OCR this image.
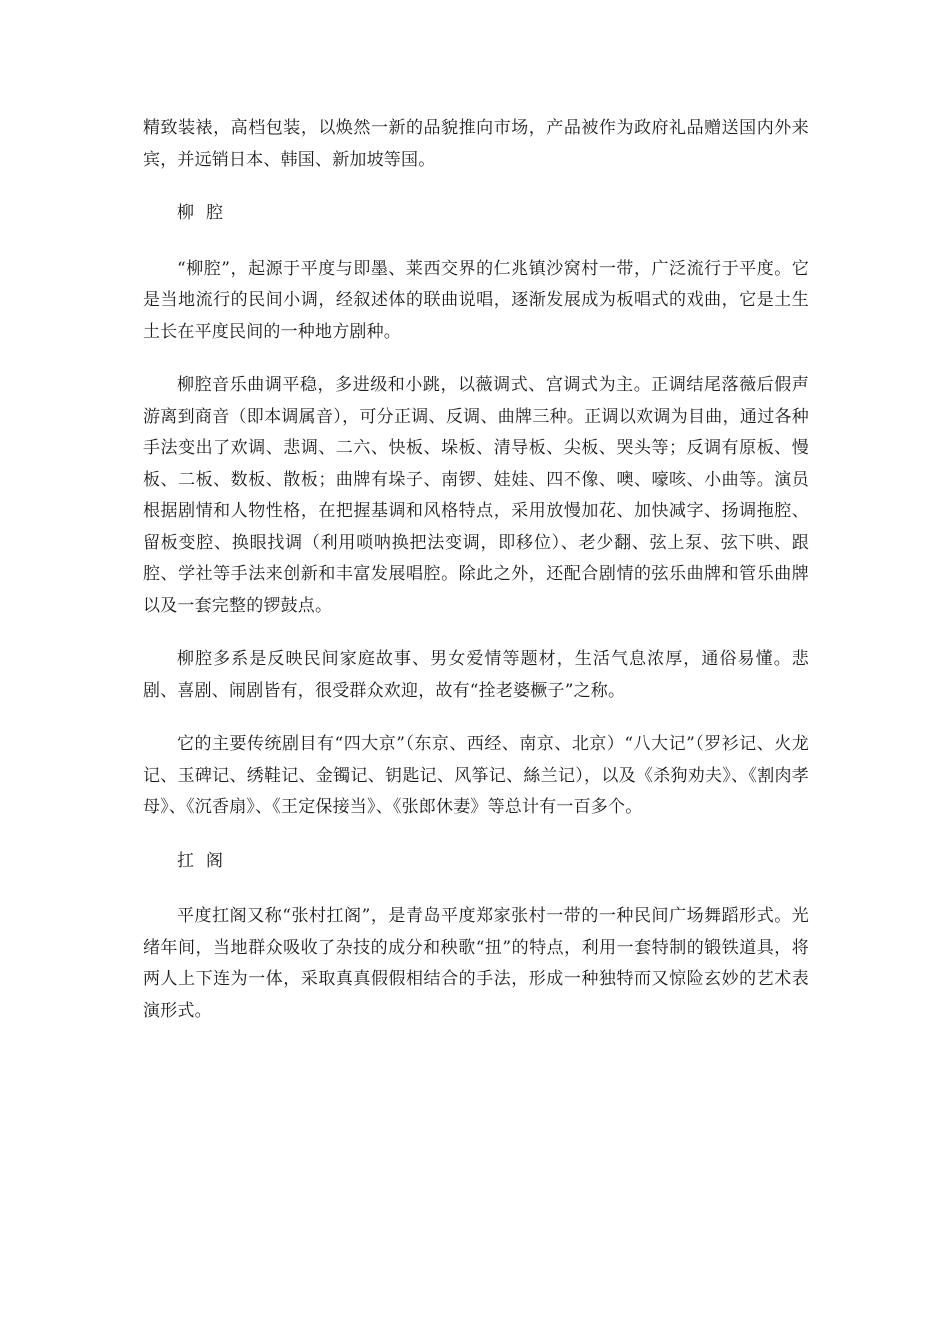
精致装裱，高档包装，以焕然一新的品貌推向市场，产品被作为政府礼品赠送国内外来宾，并远销日本、韩国、新加坡等国。

柳腔

“柳腔”，起源于平度与即墨、莱西交界的仁兆镇沙窝村一带，广泛流行于平度。它是当地流行的民间小调，经叙述体的联曲说唱，逐渐发展成为板唱式的戏曲，它是土生土长在平度民间的一种地方剧种。

柳腔音乐曲调平稳，多进级和小跳，以薇调式、宫调式为主。正调结尾落薇后假声游离到商音（即本调属音），可分正调、反调、曲牌三种。正调以欢调为目曲，通过各种手法变出了欢调、悲调、二六、快板、垛板、清导板、尖板、哭头等；反调有原板、慢板、二板、数板、散板；曲牌有垛子、南锣、娃娃、四不像、噢、嚎咳、小曲等。演员根据剧情和人物性格，在把握基调和风格特点，采用放慢加花、加快减字、扬调拖腔、留板变腔、换眼找调（利用唢呐换把法变调，即移位）、老少翻、弦上泵、弦下哄、跟腔、学社等手法来创新和丰富发展唱腔。除此之外，还配合剧情的弦乐曲牌和管乐曲牌以及一套完整的锣鼓点。

柳腔多系是反映民间家庭故事、男女爱情等题材，生活气息浓厚，通俗易懂。悲剧、喜剧、闹剧皆有，很受群众欢迎，故有“拴老婆橛子”之称。

它的主要传统剧目有“四大京”（东京、西经、南京、北京）“八大记”（罗衫记、火龙记、玉碑记、绣鞋记、金镯记、钥匙记、风筝记、絲兰记），以及《杀狗劝夫》、《割肉孝母》、《沉香扇》、《王定保接当》、《张郎休妻》等总计有一百多个。

扛阁

平度扛阁又称“张村扛阁”，是青岛平度郑家张村一带的一种民间广场舞蹈形式。光绪年间，当地群众吸收了杂技的成分和秧歌“扭”的特点，利用一套特制的锻铁道具，将两人上下连为一体，采取真真假假相结合的手法，形成一种独特而又惊险玄妙的艺术表演形式。
